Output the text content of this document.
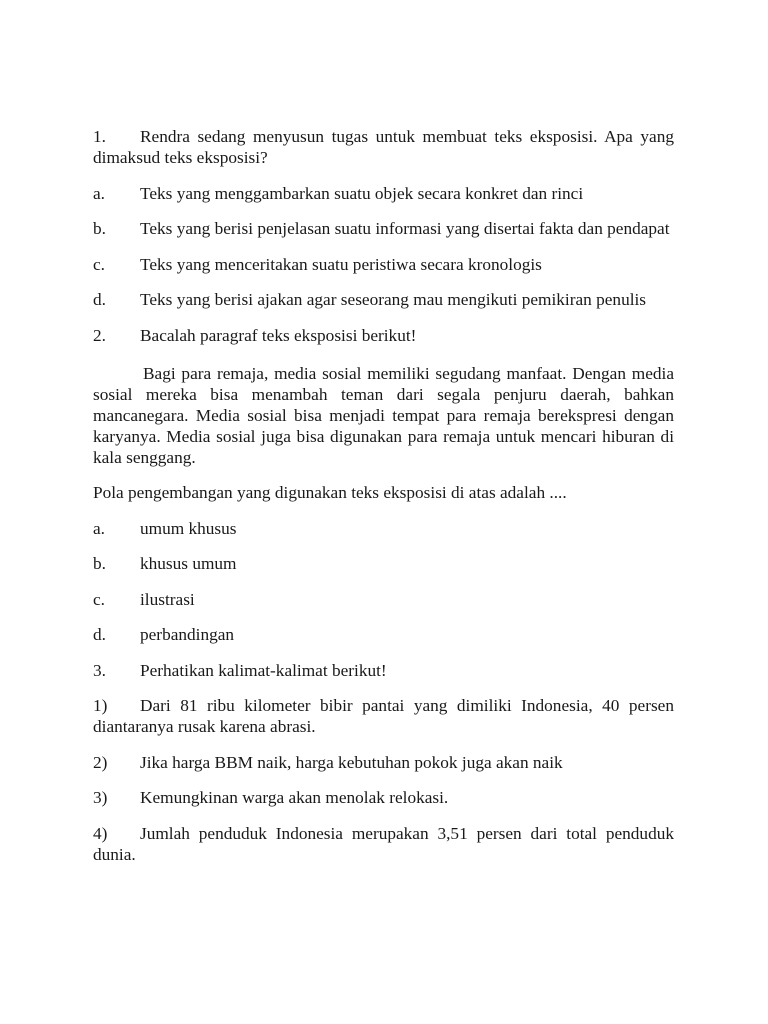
1. Rendra sedang menyusun tugas untuk membuat teks eksposisi. Apa yang dimaksud teks eksposisi?

a. Teks yang menggambarkan suatu objek secara konkret dan rinci

b. Teks yang berisi penjelasan suatu informasi yang disertai fakta dan pendapat

c. Teks yang menceritakan suatu peristiwa secara kronologis

d. Teks yang berisi ajakan agar seseorang mau mengikuti pemikiran penulis

2. Bacalah paragraf teks eksposisi berikut!

Bagi para remaja, media sosial memiliki segudang manfaat. Dengan media sosial mereka bisa menambah teman dari segala penjuru daerah, bahkan mancanegara. Media sosial bisa menjadi tempat para remaja berekspresi dengan karyanya. Media sosial juga bisa digunakan para remaja untuk mencari hiburan di kala senggang.

Pola pengembangan yang digunakan teks eksposisi di atas adalah ....

a. umum khusus

b. khusus umum

c. ilustrasi

d. perbandingan

3. Perhatikan kalimat-kalimat berikut!

1) Dari 81 ribu kilometer bibir pantai yang dimiliki Indonesia, 40 persen diantaranya rusak karena abrasi.

2) Jika harga BBM naik, harga kebutuhan pokok juga akan naik

3) Kemungkinan warga akan menolak relokasi.

4) Jumlah penduduk Indonesia merupakan 3,51 persen dari total penduduk dunia.
